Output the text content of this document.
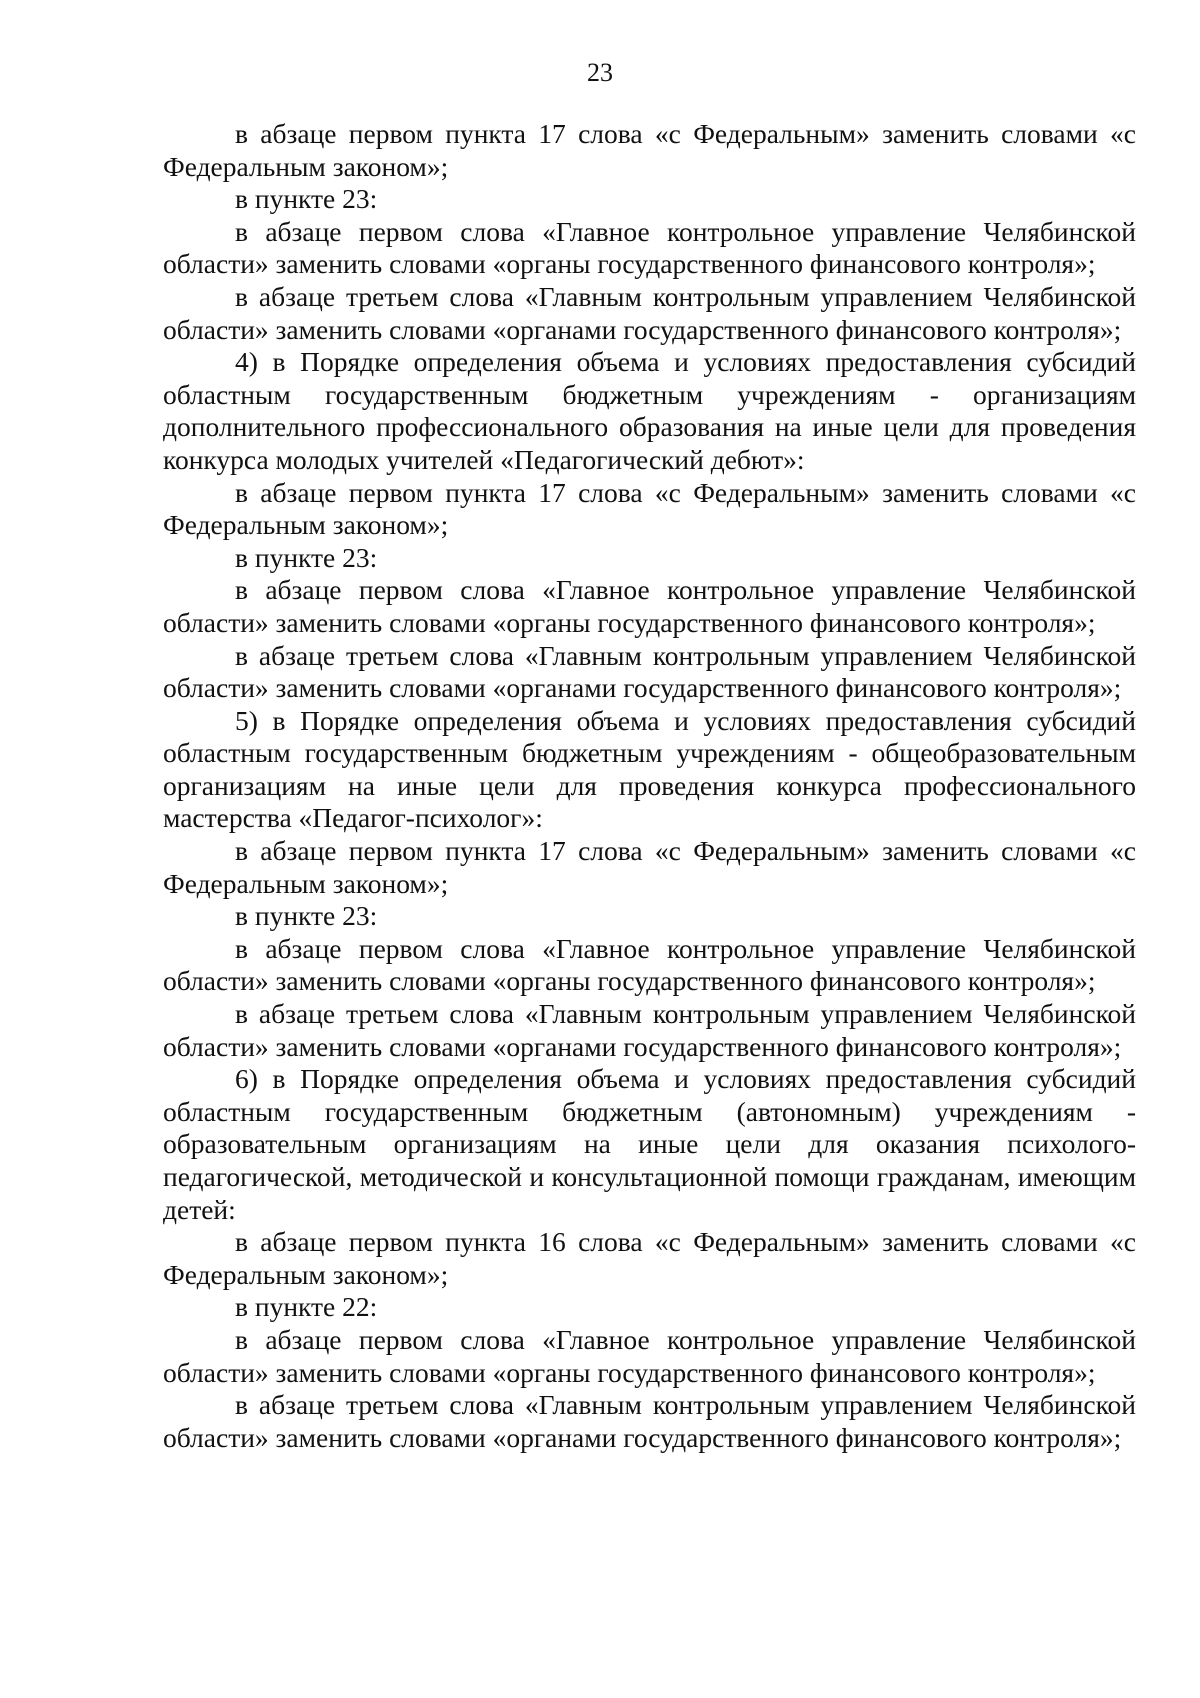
23

в абзаце первом пункта 17 слова «с Федеральным» заменить словами «с Федеральным законом»;

в пункте 23:

в абзаце первом слова «Главное контрольное управление Челябинской области» заменить словами «органы государственного финансового контроля»;

в абзаце третьем слова «Главным контрольным управлением Челябинской области» заменить словами «органами государственного финансового контроля»;

4) в Порядке определения объема и условиях предоставления субсидий областным государственным бюджетным учреждениям - организациям дополнительного профессионального образования на иные цели для проведения конкурса молодых учителей «Педагогический дебют»:

в абзаце первом пункта 17 слова «с Федеральным» заменить словами «с Федеральным законом»;

в пункте 23:

в абзаце первом слова «Главное контрольное управление Челябинской области» заменить словами «органы государственного финансового контроля»;

в абзаце третьем слова «Главным контрольным управлением Челябинской области» заменить словами «органами государственного финансового контроля»;

5) в Порядке определения объема и условиях предоставления субсидий областным государственным бюджетным учреждениям - общеобразовательным организациям на иные цели для проведения конкурса профессионального мастерства «Педагог-психолог»:

в абзаце первом пункта 17 слова «с Федеральным» заменить словами «с Федеральным законом»;

в пункте 23:

в абзаце первом слова «Главное контрольное управление Челябинской области» заменить словами «органы государственного финансового контроля»;

в абзаце третьем слова «Главным контрольным управлением Челябинской области» заменить словами «органами государственного финансового контроля»;

6) в Порядке определения объема и условиях предоставления субсидий областным государственным бюджетным (автономным) учреждениям - образовательным организациям на иные цели для оказания психолого-педагогической, методической и консультационной помощи гражданам, имеющим детей:

в абзаце первом пункта 16 слова «с Федеральным» заменить словами «с Федеральным законом»;

в пункте 22:

в абзаце первом слова «Главное контрольное управление Челябинской области» заменить словами «органы государственного финансового контроля»;

в абзаце третьем слова «Главным контрольным управлением Челябинской области» заменить словами «органами государственного финансового контроля»;
